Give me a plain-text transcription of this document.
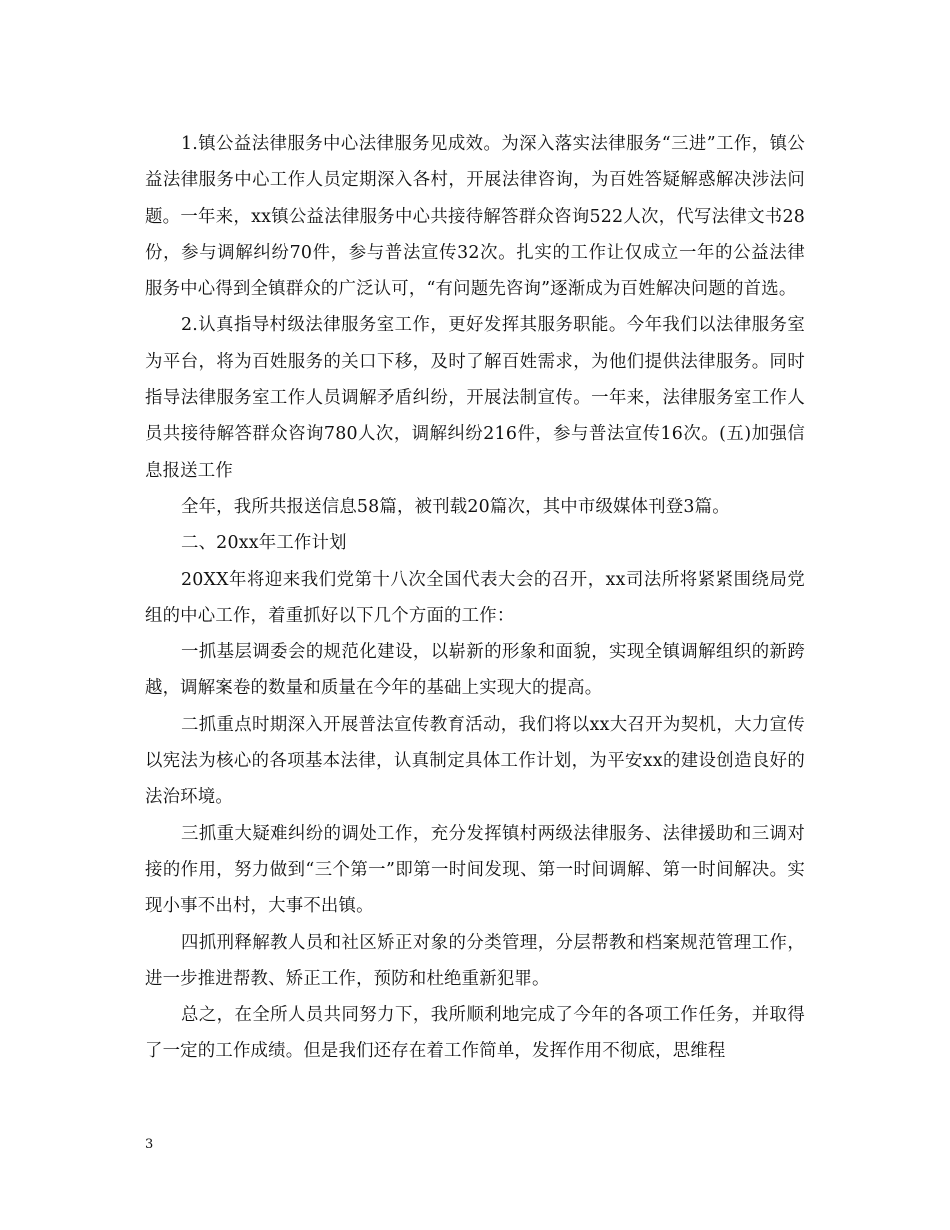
1.镇公益法律服务中心法律服务见成效。为深入落实法律服务“三进”工作，镇公益法律服务中心工作人员定期深入各村，开展法律咨询，为百姓答疑解惑解决涉法问题。一年来，xx镇公益法律服务中心共接待解答群众咨询522人次，代写法律文书28份，参与调解纠纷70件，参与普法宣传32次。扎实的工作让仅成立一年的公益法律服务中心得到全镇群众的广泛认可，“有问题先咨询”逐渐成为百姓解决问题的首选。

2.认真指导村级法律服务室工作，更好发挥其服务职能。今年我们以法律服务室为平台，将为百姓服务的关口下移，及时了解百姓需求，为他们提供法律服务。同时指导法律服务室工作人员调解矛盾纠纷，开展法制宣传。一年来，法律服务室工作人员共接待解答群众咨询780人次，调解纠纷216件，参与普法宣传16次。(五)加强信息报送工作

全年，我所共报送信息58篇，被刊载20篇次，其中市级媒体刊登3篇。

二、20xx年工作计划

20XX年将迎来我们党第十八次全国代表大会的召开，xx司法所将紧紧围绕局党组的中心工作，着重抓好以下几个方面的工作：

一抓基层调委会的规范化建设，以崭新的形象和面貌，实现全镇调解组织的新跨越，调解案卷的数量和质量在今年的基础上实现大的提高。

二抓重点时期深入开展普法宣传教育活动，我们将以xx大召开为契机，大力宣传以宪法为核心的各项基本法律，认真制定具体工作计划，为平安xx的建设创造良好的法治环境。

三抓重大疑难纠纷的调处工作，充分发挥镇村两级法律服务、法律援助和三调对接的作用，努力做到“三个第一”即第一时间发现、第一时间调解、第一时间解决。实现小事不出村，大事不出镇。

四抓刑释解教人员和社区矫正对象的分类管理，分层帮教和档案规范管理工作，进一步推进帮教、矫正工作，预防和杜绝重新犯罪。

总之，在全所人员共同努力下，我所顺利地完成了今年的各项工作任务，并取得了一定的工作成绩。但是我们还存在着工作简单，发挥作用不彻底，思维程

3
